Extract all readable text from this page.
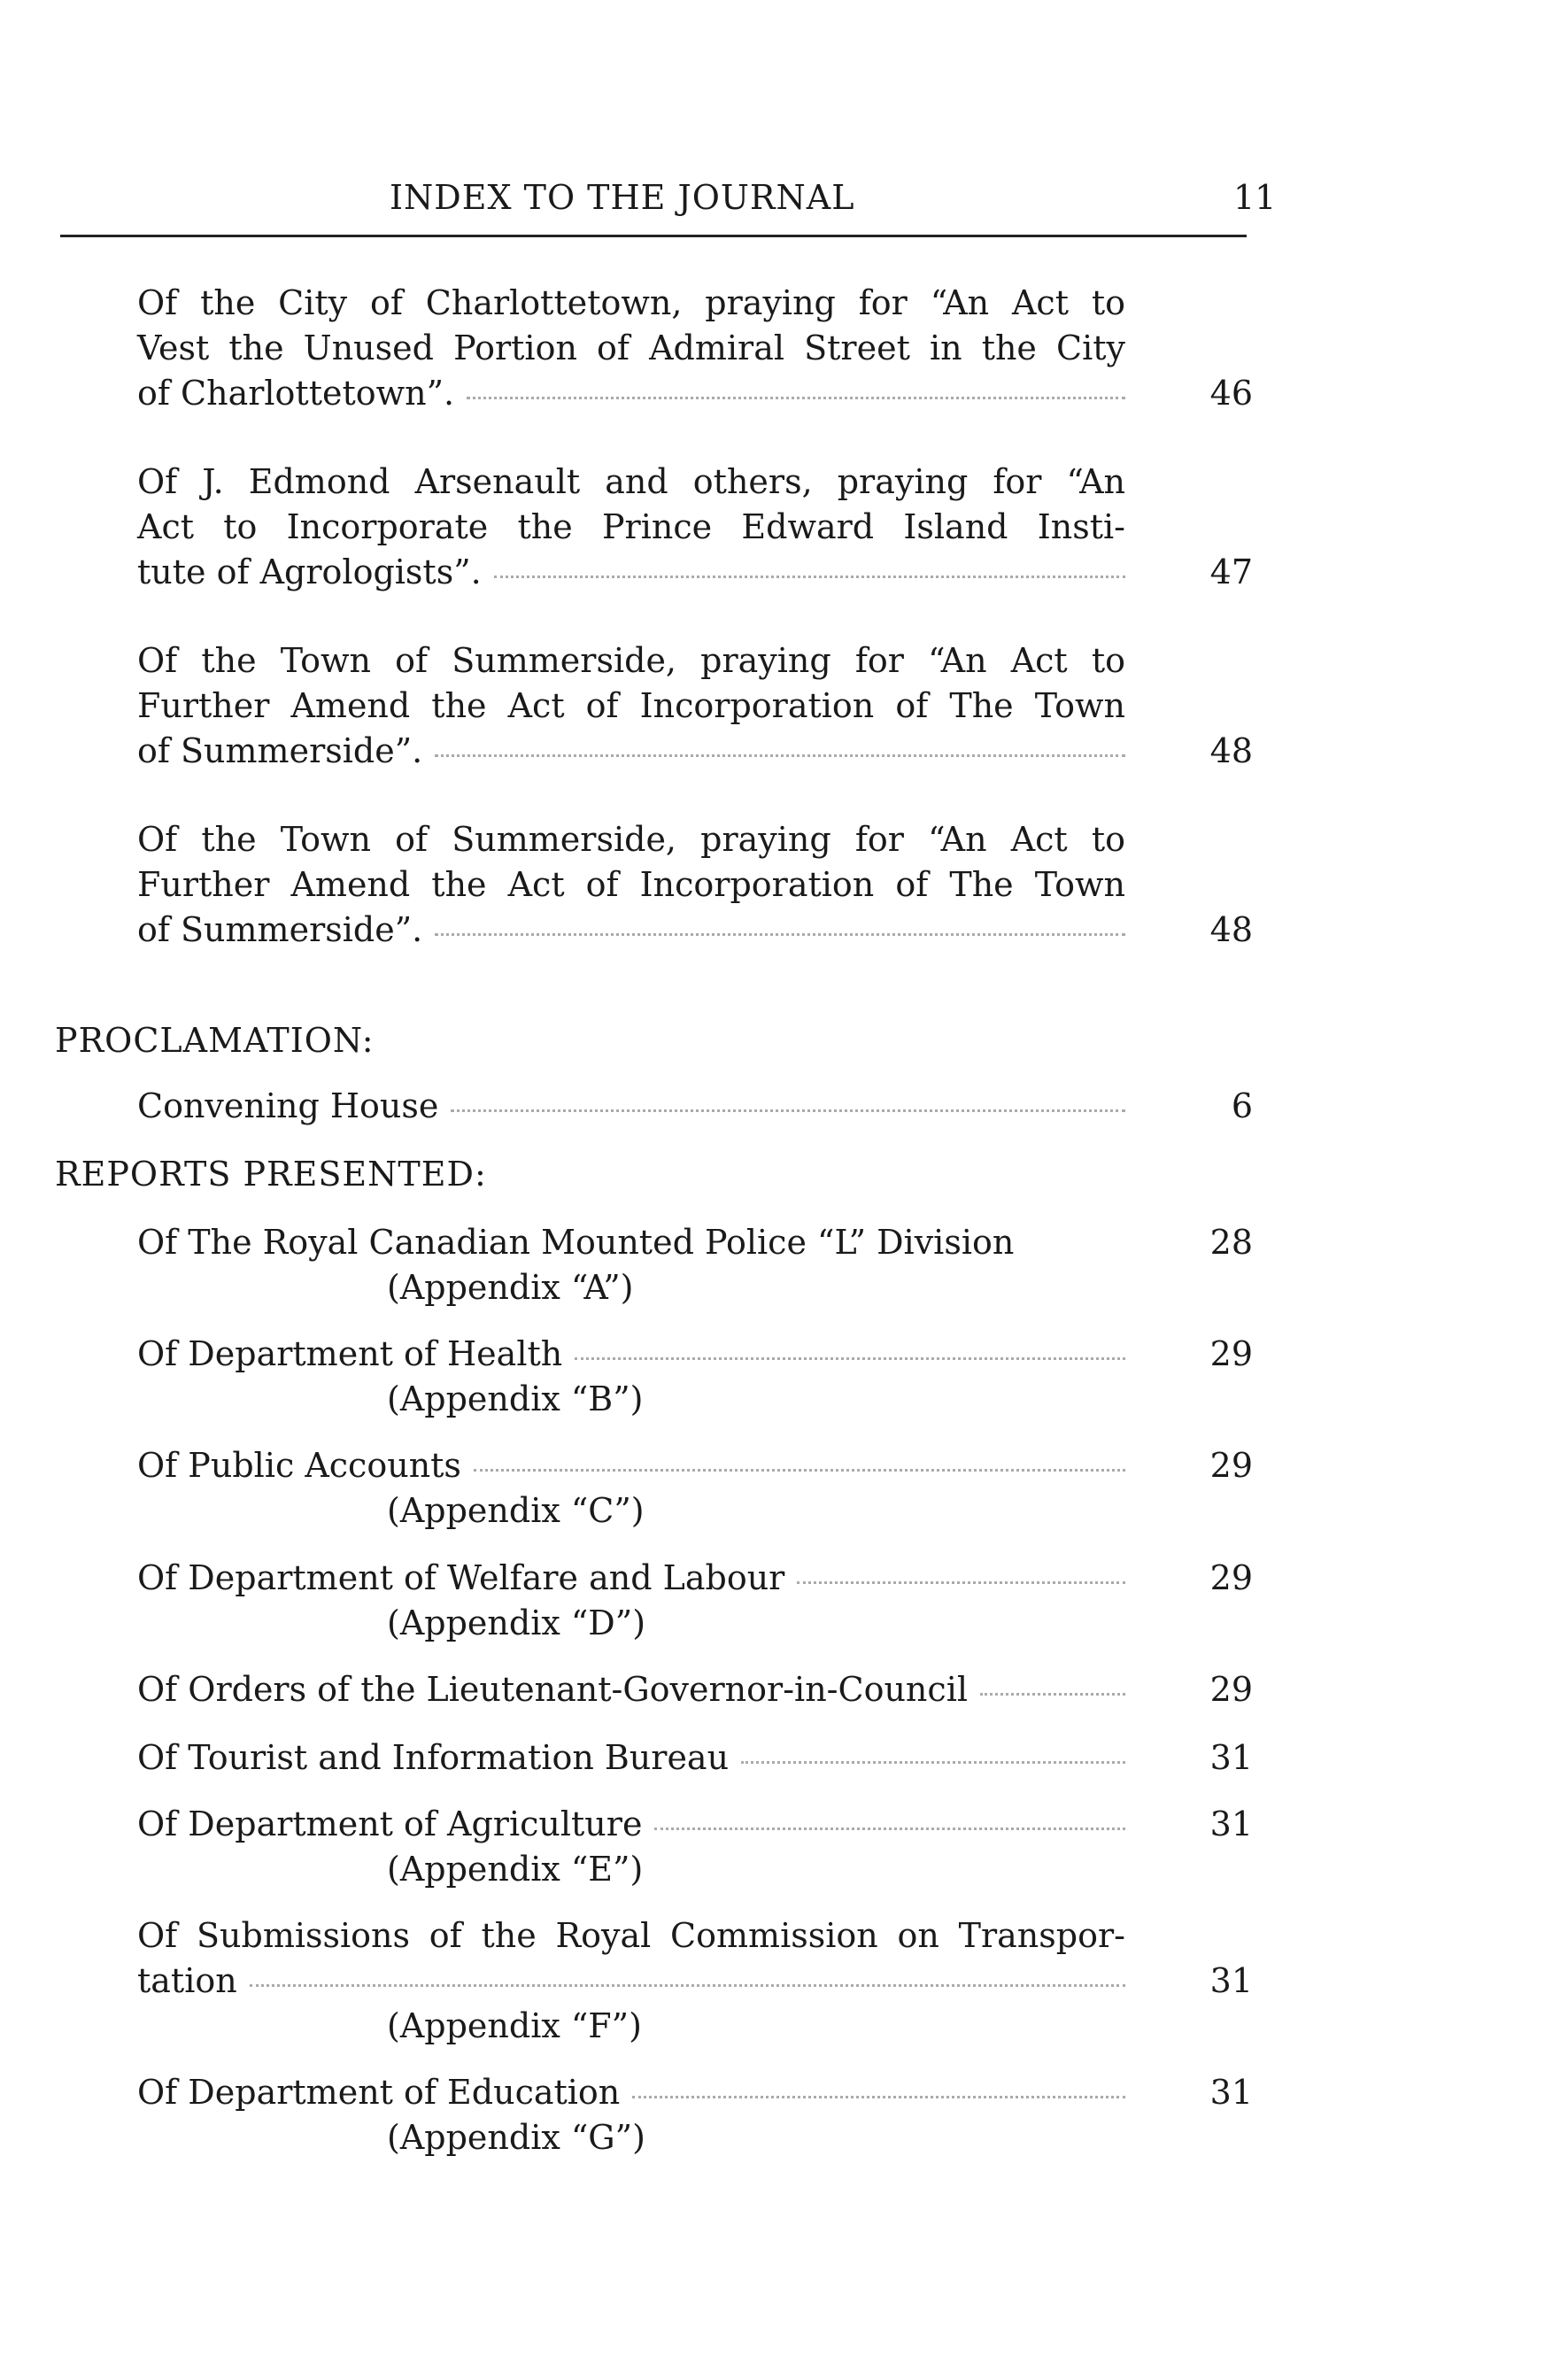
INDEX TO THE JOURNAL	11
Of the City of Charlottetown, praying for “An Act to
Vest the Unused Portion of Admiral Street in the City
of Charlottetown”.	46
Of J. Edmond Arsenault and others, praying for “An
Act to Incorporate the Prince Edward Island Insti-
tute of Agrologists”.	47
Of the Town of Summerside, praying for “An Act to
Further Amend the Act of Incorporation of The Town
of Summerside”.	48
Of the Town of Summerside, praying for “An Act to
Further Amend the Act of Incorporation of The Town
of Summerside”.	48
PROCLAMATION:
Convening House	6
REPORTS PRESENTED:
Of The Royal Canadian Mounted Police “L” Division	28
(Appendix “A”)
Of Department of Health	29
(Appendix “B”)
Of Public Accounts	29
(Appendix “C”)
Of Department of Welfare and Labour	29
(Appendix “D”)
Of Orders of the Lieutenant-Governor-in-Council	29
Of Tourist and Information Bureau	31
Of Department of Agriculture	31
(Appendix “E”)
Of Submissions of the Royal Commission on Transpor-
tation	31
(Appendix “F”)
Of Department of Education	31
(Appendix “G”)
